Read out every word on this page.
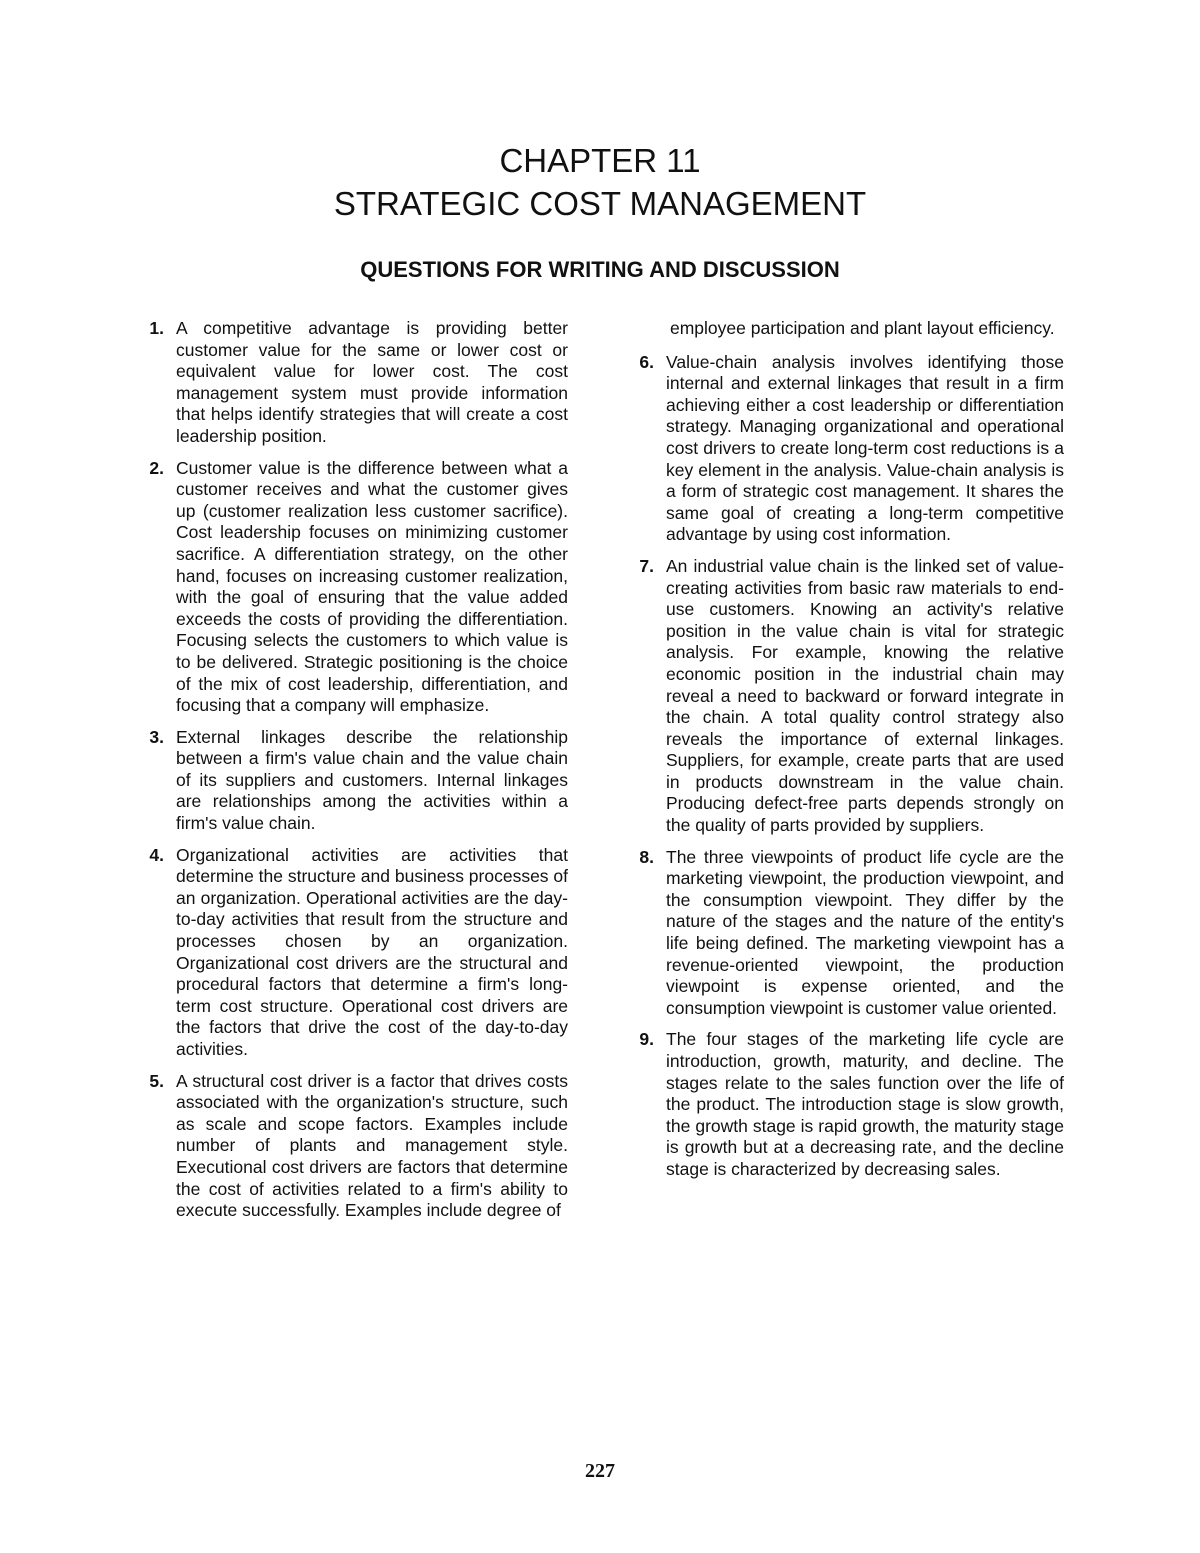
CHAPTER 11
STRATEGIC COST MANAGEMENT
QUESTIONS FOR WRITING AND DISCUSSION
1. A competitive advantage is providing better customer value for the same or lower cost or equivalent value for lower cost. The cost management system must provide information that helps identify strategies that will create a cost leadership position.
2. Customer value is the difference between what a customer receives and what the customer gives up (customer realization less customer sacrifice). Cost leadership focuses on minimizing customer sacrifice. A differentiation strategy, on the other hand, focuses on increasing customer realization, with the goal of ensuring that the value added exceeds the costs of providing the differentiation. Focusing selects the customers to which value is to be delivered. Strategic positioning is the choice of the mix of cost leadership, differentiation, and focusing that a company will emphasize.
3. External linkages describe the relationship between a firm's value chain and the value chain of its suppliers and customers. Internal linkages are relationships among the activities within a firm's value chain.
4. Organizational activities are activities that determine the structure and business processes of an organization. Operational activities are the day-to-day activities that result from the structure and processes chosen by an organization. Organizational cost drivers are the structural and procedural factors that determine a firm's long-term cost structure. Operational cost drivers are the factors that drive the cost of the day-to-day activities.
5. A structural cost driver is a factor that drives costs associated with the organization's structure, such as scale and scope factors. Examples include number of plants and management style. Executional cost drivers are factors that determine the cost of activities related to a firm's ability to execute successfully. Examples include degree of
employee participation and plant layout efficiency.
6. Value-chain analysis involves identifying those internal and external linkages that result in a firm achieving either a cost leadership or differentiation strategy. Managing organizational and operational cost drivers to create long-term cost reductions is a key element in the analysis. Value-chain analysis is a form of strategic cost management. It shares the same goal of creating a long-term competitive advantage by using cost information.
7. An industrial value chain is the linked set of value-creating activities from basic raw materials to end-use customers. Knowing an activity's relative position in the value chain is vital for strategic analysis. For example, knowing the relative economic position in the industrial chain may reveal a need to backward or forward integrate in the chain. A total quality control strategy also reveals the importance of external linkages. Suppliers, for example, create parts that are used in products downstream in the value chain. Producing defect-free parts depends strongly on the quality of parts provided by suppliers.
8. The three viewpoints of product life cycle are the marketing viewpoint, the production viewpoint, and the consumption viewpoint. They differ by the nature of the stages and the nature of the entity's life being defined. The marketing viewpoint has a revenue-oriented viewpoint, the production viewpoint is expense oriented, and the consumption viewpoint is customer value oriented.
9. The four stages of the marketing life cycle are introduction, growth, maturity, and decline. The stages relate to the sales function over the life of the product. The introduction stage is slow growth, the growth stage is rapid growth, the maturity stage is growth but at a decreasing rate, and the decline stage is characterized by decreasing sales.
227
